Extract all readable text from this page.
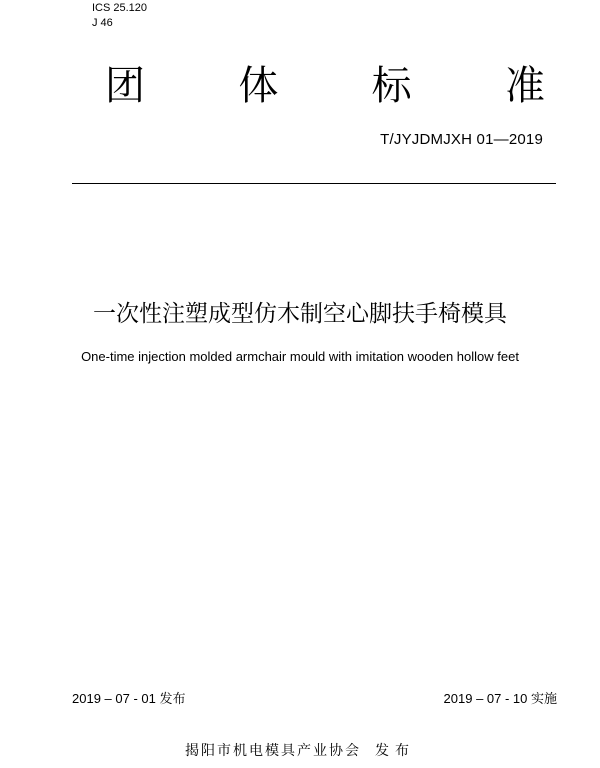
ICS 25.120
J 46
团 体 标 准
T/JYJDMJXH 01—2019
一次性注塑成型仿木制空心脚扶手椅模具
One-time injection molded armchair mould with imitation wooden hollow feet
2019 – 07 - 01 发布	2019 – 07 - 10 实施
揭阳市机电模具产业协会 发布
